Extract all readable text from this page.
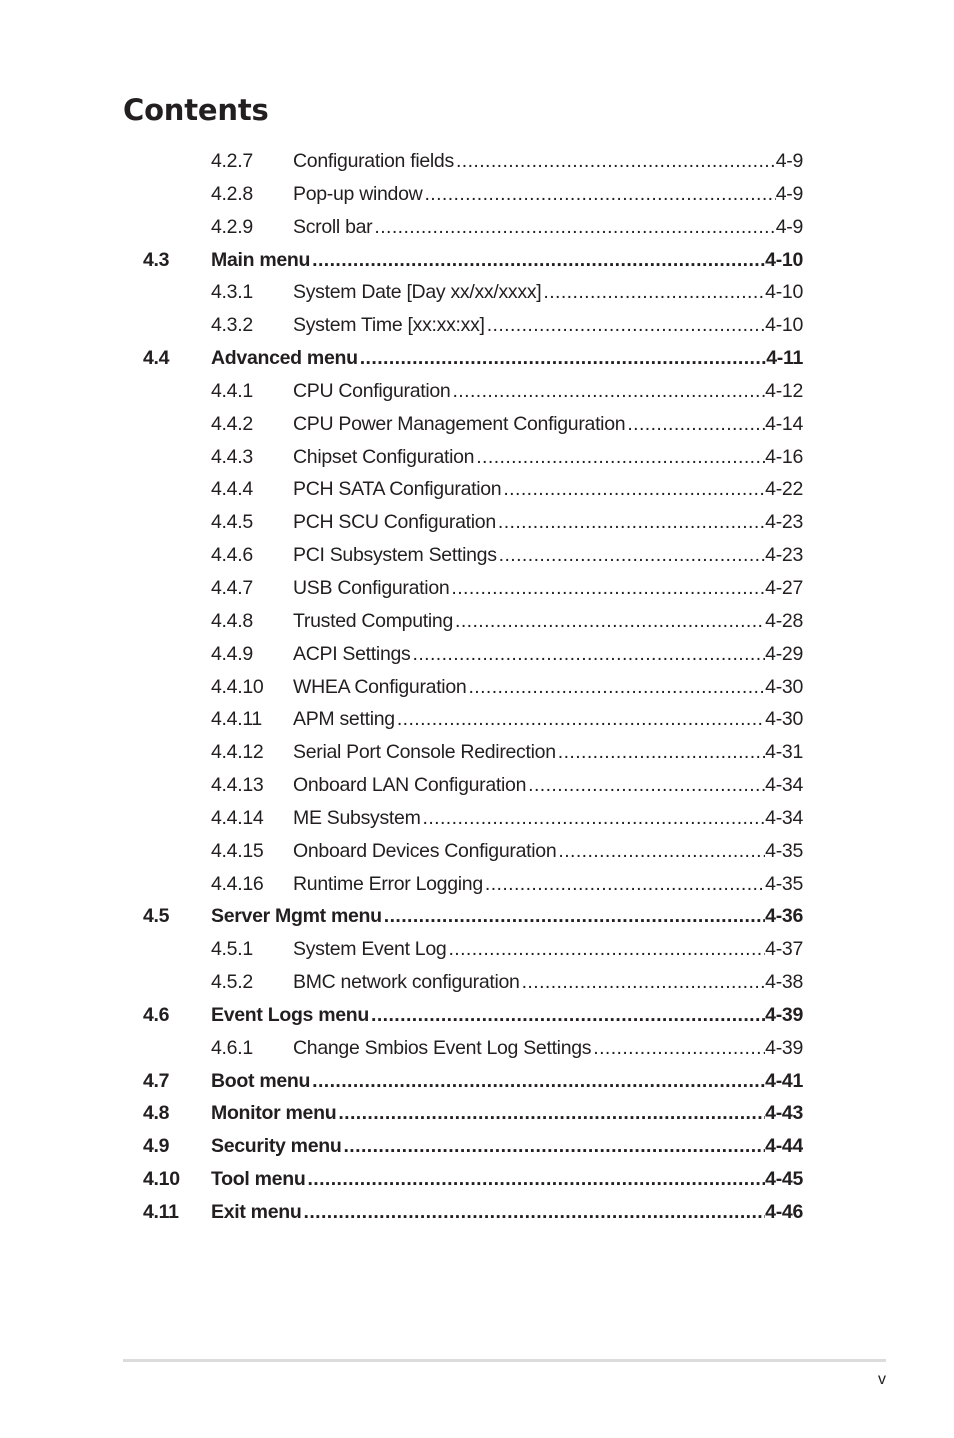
Contents
4.2.7 Configuration fields .....	4-9
4.2.8 Pop-up window .....	4-9
4.2.9 Scroll bar .....	4-9
4.3 Main menu .....	4-10
4.3.1 System Date [Day xx/xx/xxxx] .....	4-10
4.3.2 System Time [xx:xx:xx] .....	4-10
4.4 Advanced menu .....	4-11
4.4.1 CPU Configuration .....	4-12
4.4.2 CPU Power Management Configuration .....	4-14
4.4.3 Chipset Configuration .....	4-16
4.4.4 PCH SATA Configuration .....	4-22
4.4.5 PCH SCU Configuration .....	4-23
4.4.6 PCI Subsystem Settings .....	4-23
4.4.7 USB Configuration .....	4-27
4.4.8 Trusted Computing .....	4-28
4.4.9 ACPI Settings .....	4-29
4.4.10 WHEA Configuration .....	4-30
4.4.11 APM setting .....	4-30
4.4.12 Serial Port Console Redirection .....	4-31
4.4.13 Onboard LAN Configuration .....	4-34
4.4.14 ME Subsystem .....	4-34
4.4.15 Onboard Devices Configuration .....	4-35
4.4.16 Runtime Error Logging .....	4-35
4.5 Server Mgmt menu .....	4-36
4.5.1 System Event Log .....	4-37
4.5.2 BMC network configuration .....	4-38
4.6 Event Logs menu .....	4-39
4.6.1 Change Smbios Event Log Settings .....	4-39
4.7 Boot menu .....	4-41
4.8 Monitor menu .....	4-43
4.9 Security menu .....	4-44
4.10 Tool menu .....	4-45
4.11 Exit menu .....	4-46
v
